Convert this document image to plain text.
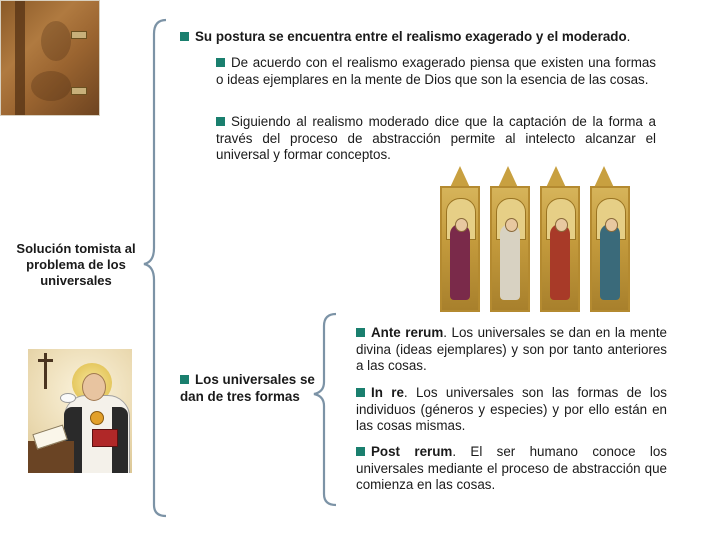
Su postura se encuentra entre el realismo exagerado y el moderado.
De acuerdo con el realismo exagerado piensa que existen una formas o ideas ejemplares en la mente de Dios que son la esencia de las cosas.
Siguiendo al realismo moderado dice que la captación de la forma a través del proceso de abstracción permite al intelecto alcanzar el universal y formar conceptos.
Solución tomista al problema de los universales
Los universales se dan de tres formas
Ante rerum. Los universales se dan en la mente divina (ideas ejemplares) y son por tanto anteriores a las cosas.
In re. Los universales son las formas de los individuos (géneros y especies) y por ello están en las cosas mismas.
Post rerum. El ser humano conoce los universales mediante el proceso de abstracción que comienza en las cosas.
